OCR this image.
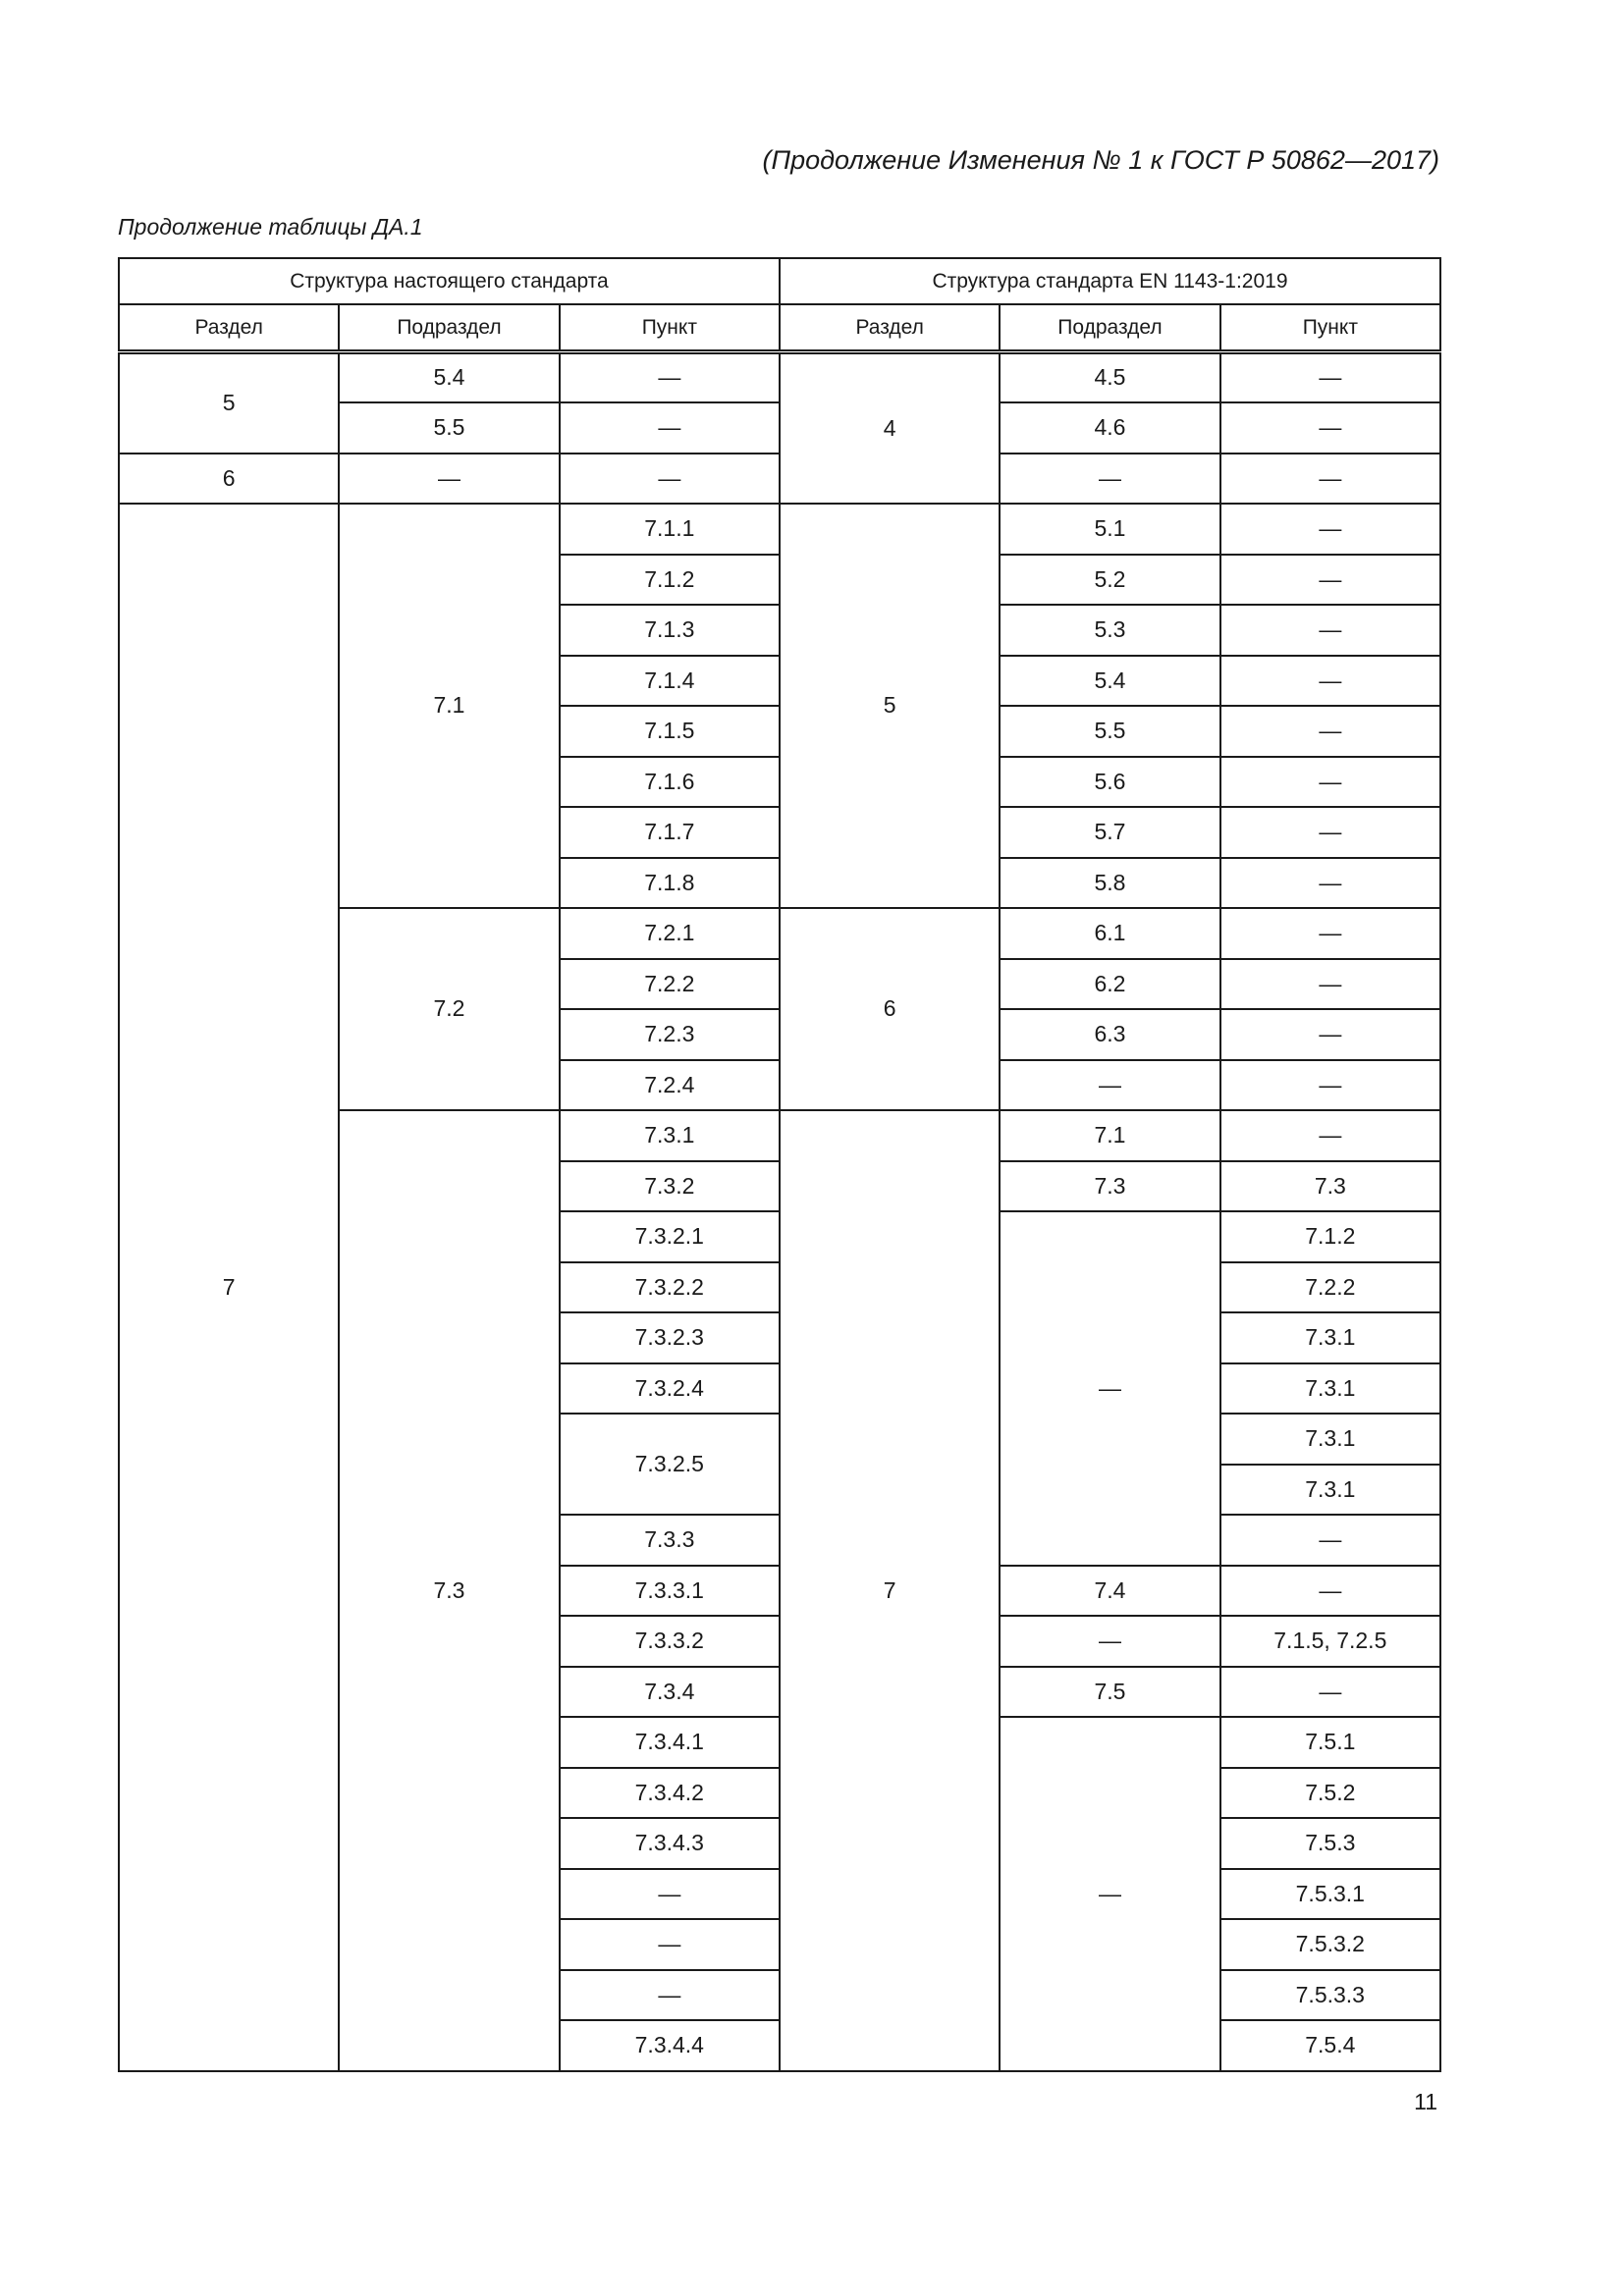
(Продолжение Изменения № 1 к ГОСТ Р 50862—2017)
Продолжение таблицы ДА.1
Структура настоящего стандарта			Структура стандарта EN 1143-1:2019		
Раздел	Подраздел	Пункт	Раздел	Подраздел	Пункт
5	5.4	—	4	4.5	—
	5.5	—		4.6	—
6	—	—		—	—
7	7.1	7.1.1	5	5.1	—
		7.1.2		5.2	—
		7.1.3		5.3	—
		7.1.4		5.4	—
		7.1.5		5.5	—
		7.1.6		5.6	—
		7.1.7		5.7	—
		7.1.8		5.8	—
	7.2	7.2.1	6	6.1	—
		7.2.2		6.2	—
		7.2.3		6.3	—
		7.2.4		—	—
	7.3	7.3.1	7	7.1	—
		7.3.2		7.3	7.3
		7.3.2.1		—	7.1.2
		7.3.2.2			7.2.2
		7.3.2.3			7.3.1
		7.3.2.4			7.3.1
		7.3.2.5			7.3.1
					7.3.1
		7.3.3			—
		7.3.3.1		7.4	—
		7.3.3.2		—	7.1.5, 7.2.5
		7.3.4		7.5	—
		7.3.4.1		—	7.5.1
		7.3.4.2			7.5.2
		7.3.4.3			7.5.3
		—			7.5.3.1
		—			7.5.3.2
		—			7.5.3.3
		7.3.4.4			7.5.4
11
